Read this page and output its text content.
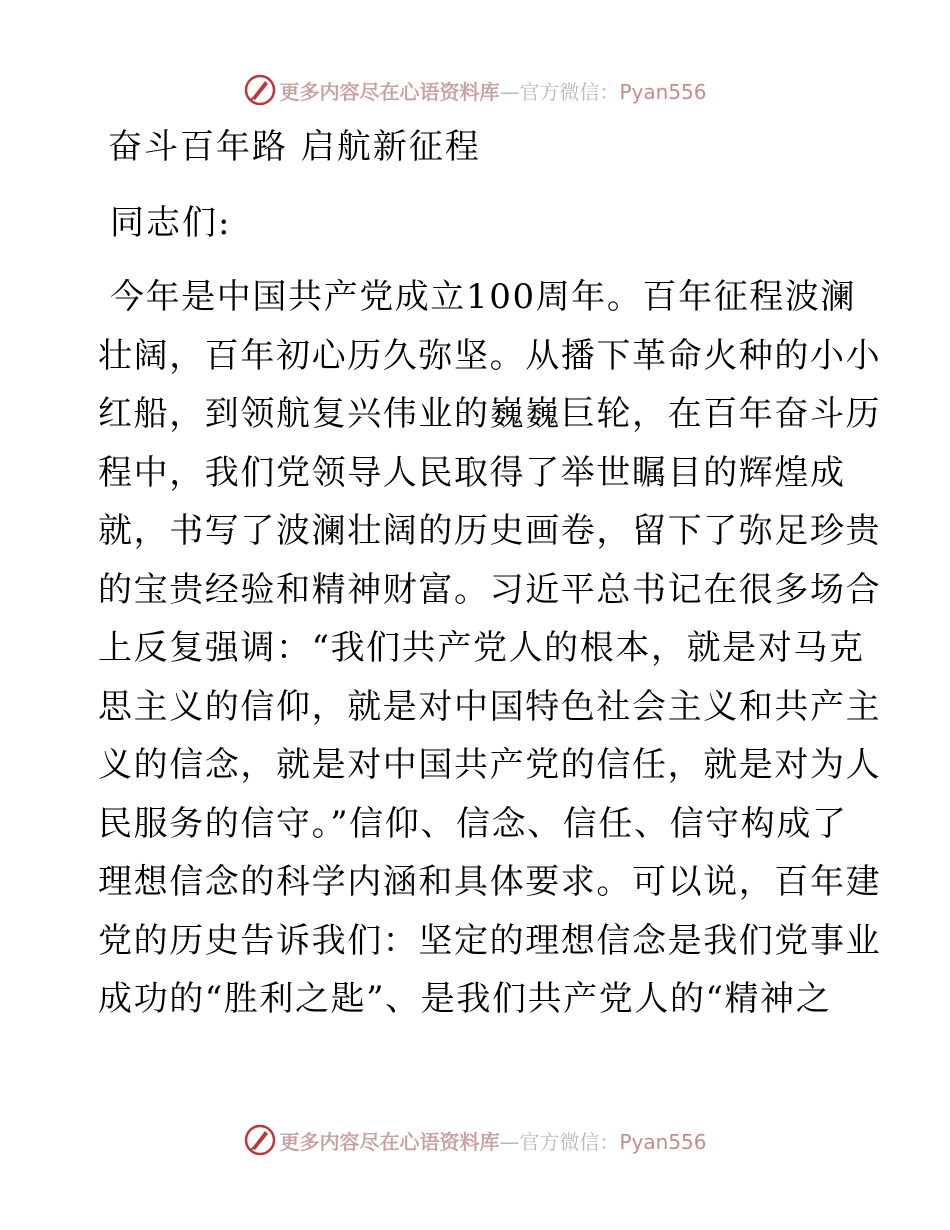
更多内容尽在心语资料库—官方微信：Pyan556
奋斗百年路 启航新征程
同志们:
今年是中国共产党成立100周年。百年征程波澜
壮阔，百年初心历久弥坚。从播下革命火种的小小
红船，到领航复兴伟业的巍巍巨轮，在百年奋斗历
程中，我们党领导人民取得了举世瞩目的辉煌成
就，书写了波澜壮阔的历史画卷，留下了弥足珍贵
的宝贵经验和精神财富。习近平总书记在很多场合
上反复强调：“我们共产党人的根本，就是对马克
思主义的信仰，就是对中国特色社会主义和共产主
义的信念，就是对中国共产党的信任，就是对为人
民服务的信守。”信仰、信念、信任、信守构成了
理想信念的科学内涵和具体要求。可以说，百年建
党的历史告诉我们：坚定的理想信念是我们党事业
成功的“胜利之匙”、是我们共产党人的“精神之
更多内容尽在心语资料库—官方微信：Pyan556
